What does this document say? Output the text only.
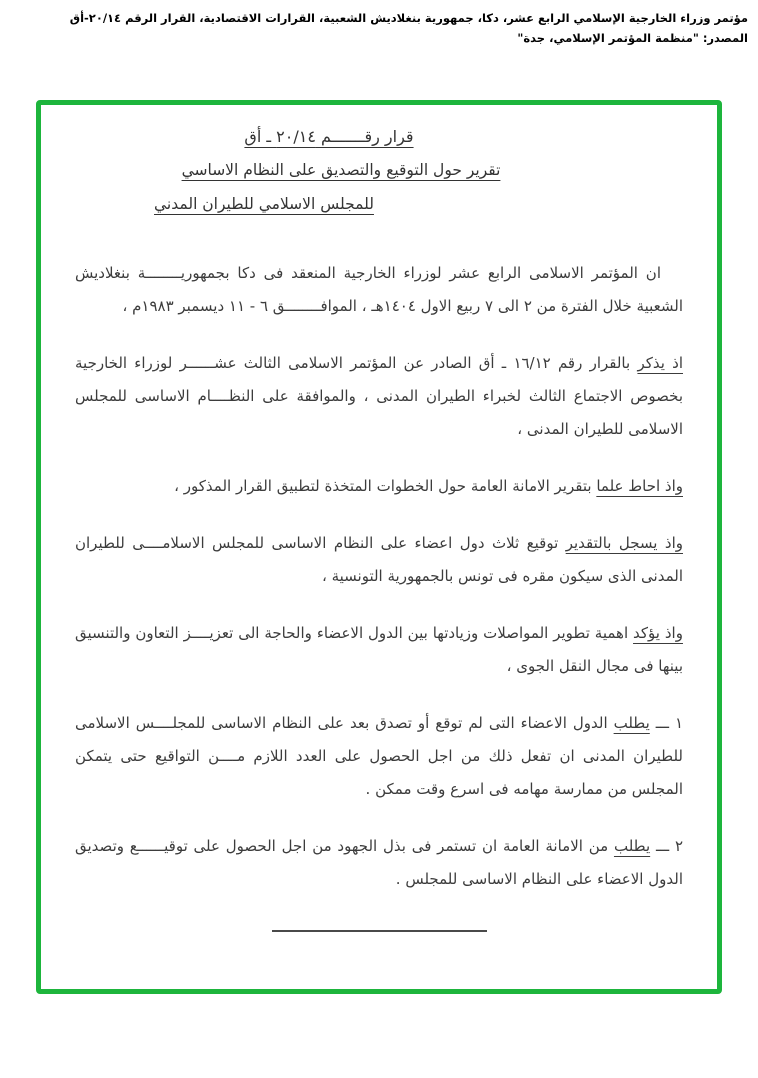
مؤتمر وزراء الخارجية الإسلامي الرابع عشر، دكا، جمهورية بنغلاديش الشعبية، القرارات الاقتصادية، القرار الرقم ٢٠/١٤-أق
المصدر: "منظمة المؤتمر الإسلامي، جدة"
قرار رقـــــــم ٢٠/١٤ ـ أق
تقرير حول التوقيع والتصديق على النظام الاساسي
للمجلس الاسلامي للطيران المدني

ان المؤتمر الاسلامى الرابع عشر لوزراء الخارجية المنعقد فى دكا بجمهوريــــــــة بنغلاديش الشعبية خلال الفترة من ٢ الى ٧ ربيع الاول ١٤٠٤هـ ، الموافــــــــق ٦ - ١١ ديسمبر ١٩٨٣م ،

اذ يذكر بالقرار رقم ١٦/١٢ ـ أق الصادر عن المؤتمر الاسلامى الثالث عشــــــر لوزراء الخارجية بخصوص الاجتماع الثالث لخبراء الطيران المدنى ، والموافقة على النظــــام الاساسى للمجلس الاسلامى للطيران المدنى ،

واذ احاط علما بتقرير الامانة العامة حول الخطوات المتخذة لتطبيق القرار المذكور ،

واذ يسجل بالتقدير توقيع ثلاث دول اعضاء على النظام الاساسى للمجلس الاسلامــــى للطيران المدنى الذى سيكون مقره فى تونس بالجمهورية التونسية ،

واذ يؤكد اهمية تطوير المواصلات وزيادتها بين الدول الاعضاء والحاجة الى تعزيــــز التعاون والتنسيق بينها فى مجال النقل الجوى ،

١ ـــ يطلب الدول الاعضاء التى لم توقع أو تصدق بعد على النظام الاساسى للمجلــــس الاسلامى للطيران المدنى ان تفعل ذلك من اجل الحصول على العدد اللازم مــــن التواقيع حتى يتمكن المجلس من ممارسة مهامه فى اسرع وقت ممكن .

٢ ـــ يطلب من الامانة العامة ان تستمر فى بذل الجهود من اجل الحصول على توقيــــــع وتصديق الدول الاعضاء على النظام الاساسى للمجلس .
